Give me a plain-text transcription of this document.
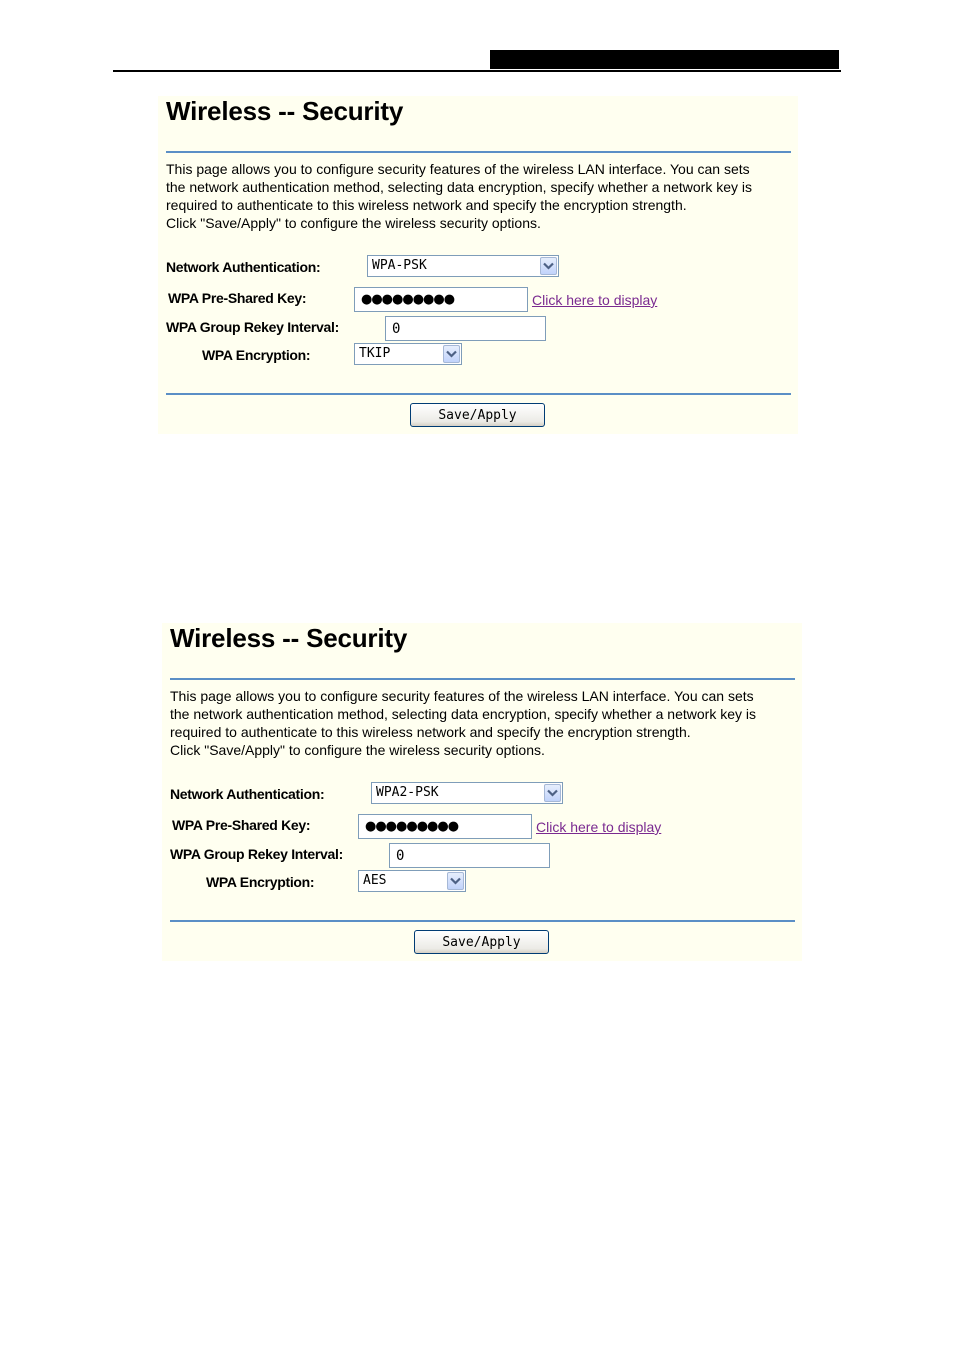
Wireless -- Security
This page allows you to configure security features of the wireless LAN interface. You can sets
the network authentication method, selecting data encryption, specify whether a network key is
required to authenticate to this wireless network and specify the encryption strength.
Click "Save/Apply" to configure the wireless security options.
Network Authentication:	WPA-PSK
WPA Pre-Shared Key:	●●●●●●●●●	Click here to display
WPA Group Rekey Interval:	0
WPA Encryption:	TKIP
Save/Apply
Wireless -- Security
This page allows you to configure security features of the wireless LAN interface. You can sets
the network authentication method, selecting data encryption, specify whether a network key is
required to authenticate to this wireless network and specify the encryption strength.
Click "Save/Apply" to configure the wireless security options.
Network Authentication:	WPA2-PSK
WPA Pre-Shared Key:	●●●●●●●●●	Click here to display
WPA Group Rekey Interval:	0
WPA Encryption:	AES
Save/Apply
